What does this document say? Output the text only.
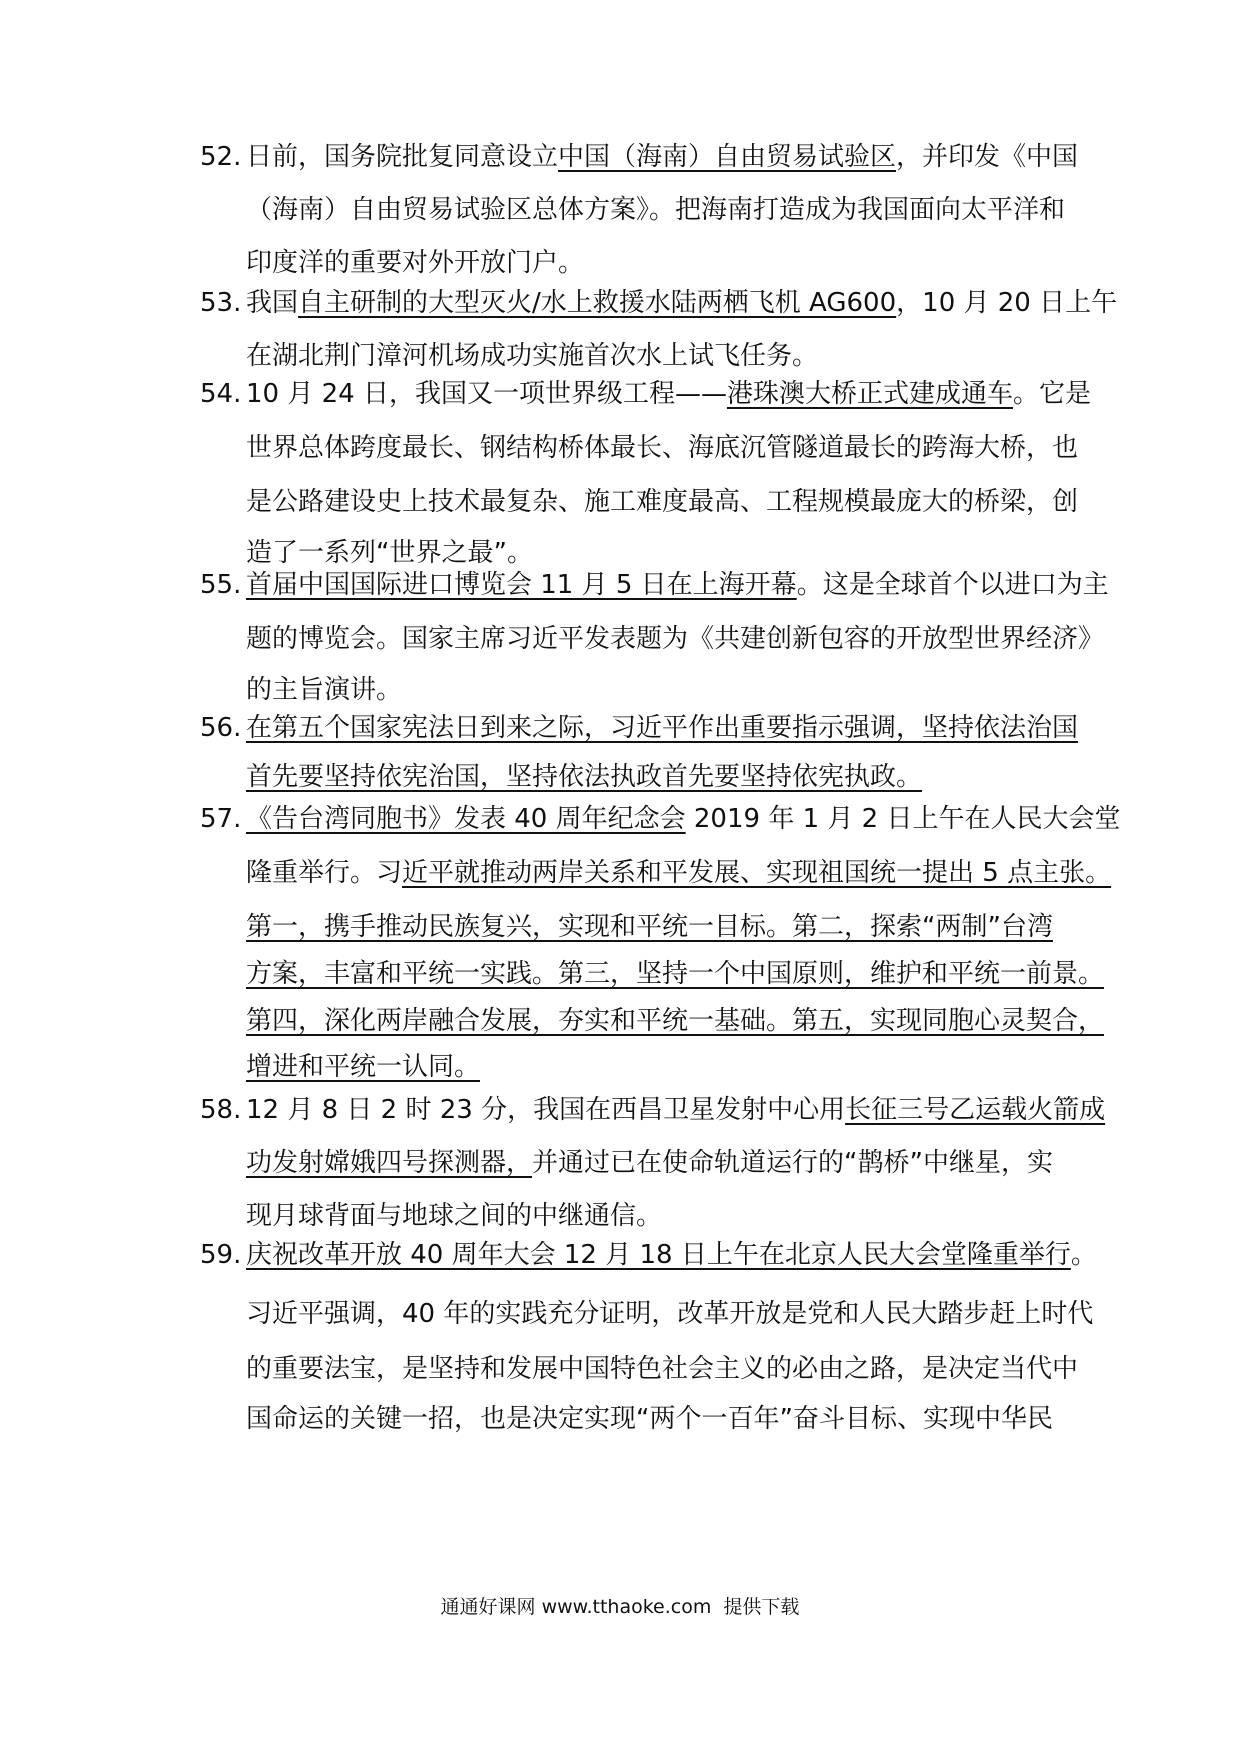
52. 日前，国务院批复同意设立中国（海南）自由贸易试验区，并印发《中国
（海南）自由贸易试验区总体方案》。把海南打造成为我国面向太平洋和
印度洋的重要对外开放门户。
53. 我国自主研制的大型灭火/水上救援水陆两栖飞机 AG600，10 月 20 日上午
在湖北荆门漳河机场成功实施首次水上试飞任务。
54. 10 月 24 日，我国又一项世界级工程——港珠澳大桥正式建成通车。它是
世界总体跨度最长、钢结构桥体最长、海底沉管隧道最长的跨海大桥，也
是公路建设史上技术最复杂、施工难度最高、工程规模最庞大的桥梁，创
造了一系列“世界之最”。
55. 首届中国国际进口博览会 11 月 5 日在上海开幕。这是全球首个以进口为主
题的博览会。国家主席习近平发表题为《共建创新包容的开放型世界经济》
的主旨演讲。
56. 在第五个国家宪法日到来之际，习近平作出重要指示强调，坚持依法治国
首先要坚持依宪治国，坚持依法执政首先要坚持依宪执政。
57. 《告台湾同胞书》发表 40 周年纪念会 2019 年 1 月 2 日上午在人民大会堂
隆重举行。习近平就推动两岸关系和平发展、实现祖国统一提出 5 点主张。
第一，携手推动民族复兴，实现和平统一目标。第二，探索“两制”台湾
方案，丰富和平统一实践。第三，坚持一个中国原则，维护和平统一前景。
第四，深化两岸融合发展，夯实和平统一基础。第五，实现同胞心灵契合，
增进和平统一认同。
58. 12 月 8 日 2 时 23 分，我国在西昌卫星发射中心用长征三号乙运载火箭成
功发射嫦娥四号探测器，并通过已在使命轨道运行的“鹊桥”中继星，实
现月球背面与地球之间的中继通信。
59. 庆祝改革开放 40 周年大会 12 月 18 日上午在北京人民大会堂隆重举行。
习近平强调，40 年的实践充分证明，改革开放是党和人民大踏步赶上时代
的重要法宝，是坚持和发展中国特色社会主义的必由之路，是决定当代中
国命运的关键一招，也是决定实现“两个一百年”奋斗目标、实现中华民
通通好课网 www.tthaoke.com  提供下载
